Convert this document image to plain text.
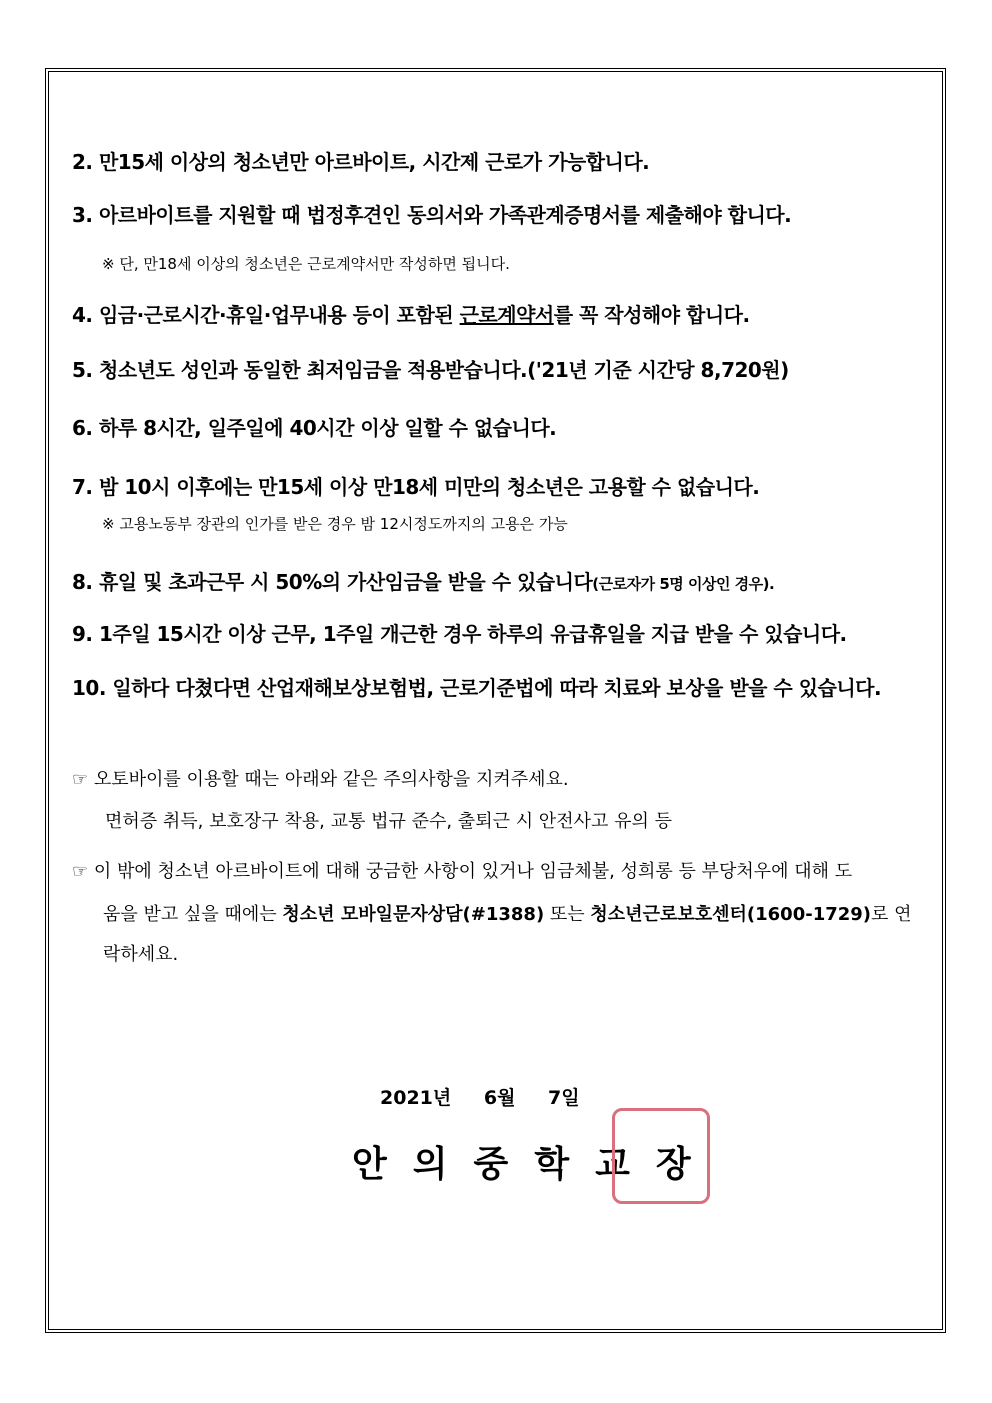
2. 만15세 이상의 청소년만 아르바이트, 시간제 근로가 가능합니다.
3. 아르바이트를 지원할 때 법정후견인 동의서와 가족관계증명서를 제출해야 합니다.
※ 단, 만18세 이상의 청소년은 근로계약서만 작성하면 됩니다.
4. 임금·근로시간·휴일·업무내용 등이 포함된 근로계약서를 꼭 작성해야 합니다.
5. 청소년도 성인과 동일한 최저임금을 적용받습니다.('21년 기준 시간당 8,720원)
6. 하루 8시간, 일주일에 40시간 이상 일할 수 없습니다.
7. 밤 10시 이후에는 만15세 이상 만18세 미만의 청소년은 고용할 수 없습니다.
※ 고용노동부 장관의 인가를 받은 경우 밤 12시정도까지의 고용은 가능
8. 휴일 및 초과근무 시 50%의 가산임금을 받을 수 있습니다(근로자가 5명 이상인 경우).
9. 1주일 15시간 이상 근무, 1주일 개근한 경우 하루의 유급휴일을 지급 받을 수 있습니다.
10. 일하다 다쳤다면 산업재해보상보험법, 근로기준법에 따라 치료와 보상을 받을 수 있습니다.
☞ 오토바이를 이용할 때는 아래와 같은 주의사항을 지켜주세요.
면허증 취득, 보호장구 착용, 교통 법규 준수, 출퇴근 시 안전사고 유의 등
☞ 이 밖에 청소년 아르바이트에 대해 궁금한 사항이 있거나 임금체불, 성희롱 등 부당처우에 대해 도
움을 받고 싶을 때에는 청소년 모바일문자상담(#1388) 또는 청소년근로보호센터(1600-1729)로 연
락하세요.
2021년 6월 7일
안의중학교장
